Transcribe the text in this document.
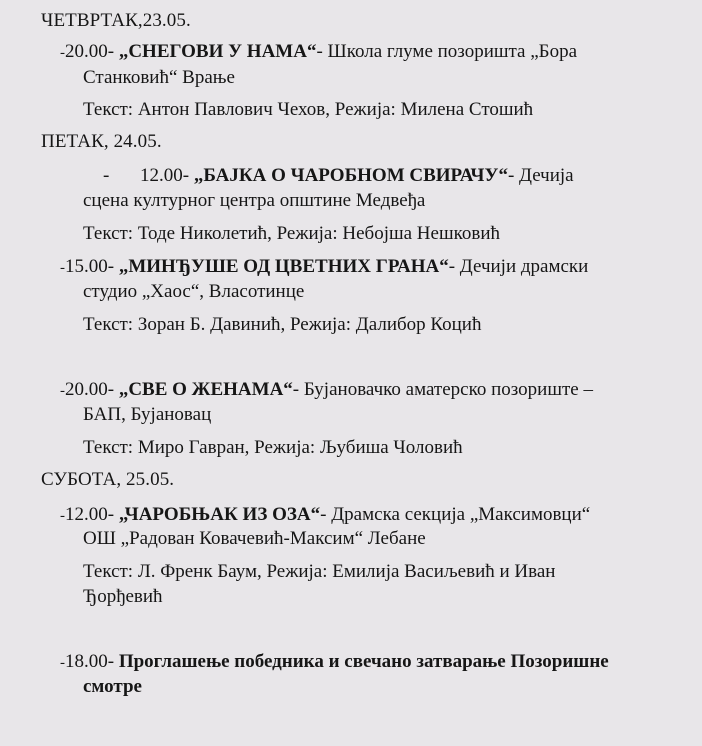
ЧЕТВРТАК,23.05.
-20.00- „СНЕГОВИ У НАМА“- Школа глуме позоришта „Бора
Станковић“ Врање
Текст: Антон Павлович Чехов, Режија: Милена Стошић
ПЕТАК, 24.05.
- 12.00- „БАЈКА О ЧАРОБНОМ СВИРАЧУ“- Дечија
сцена културног центра општине Медвеђа
Текст: Тоде Николетић, Режија: Небојша Нешковић
-15.00- „МИНЂУШЕ ОД ЦВЕТНИХ ГРАНА“- Дечији драмски
студио „Хаос“, Власотинце
Текст: Зоран Б. Давинић, Режија: Далибор Коцић
-20.00- „СВЕ О ЖЕНАМА“- Бујановачко аматерско позориште –
БАП, Бујановац
Текст: Миро Гавран, Режија: Љубиша Чоловић
СУБОТА, 25.05.
-12.00- „ЧАРОБЊАК ИЗ ОЗА“- Драмска секција „Максимовци“
ОШ „Радован Ковачевић-Максим“ Лебане
Текст: Л. Френк Баум, Режија: Емилија Васиљевић и Иван
Ђорђевић
-18.00- Проглашење победника и свечано затварање Позоришне
смотре
